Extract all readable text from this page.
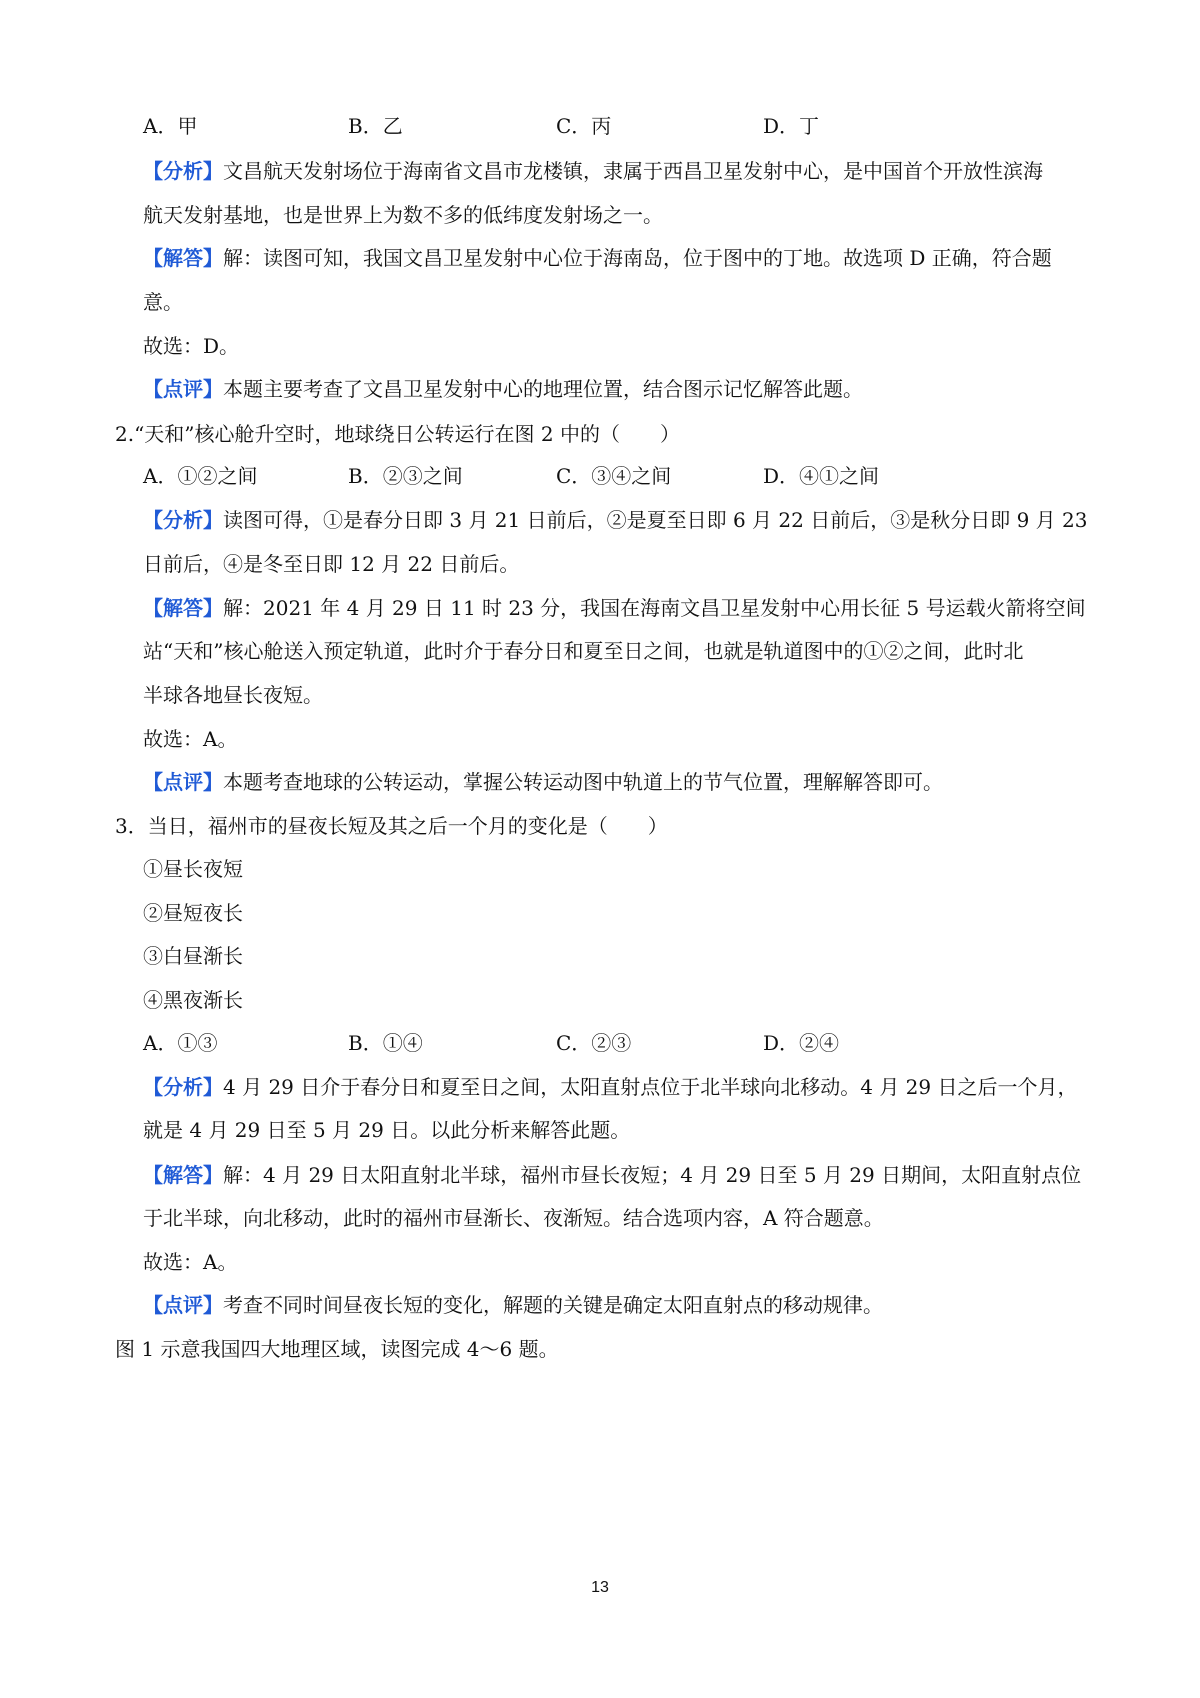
A．甲	B．乙	C．丙	D．丁
【分析】文昌航天发射场位于海南省文昌市龙楼镇，隶属于西昌卫星发射中心，是中国首个开放性滨海
航天发射基地，也是世界上为数不多的低纬度发射场之一。
【解答】解：读图可知，我国文昌卫星发射中心位于海南岛，位于图中的丁地。故选项 D 正确，符合题
意。
故选：D。
【点评】本题主要考查了文昌卫星发射中心的地理位置，结合图示记忆解答此题。
2.“天和”核心舱升空时，地球绕日公转运行在图 2 中的（　　）
A．①②之间	B．②③之间	C．③④之间	D．④①之间
【分析】读图可得，①是春分日即 3 月 21 日前后，②是夏至日即 6 月 22 日前后，③是秋分日即 9 月 23
日前后，④是冬至日即 12 月 22 日前后。
【解答】解：2021 年 4 月 29 日 11 时 23 分，我国在海南文昌卫星发射中心用长征 5 号运载火箭将空间
站“天和”核心舱送入预定轨道，此时介于春分日和夏至日之间，也就是轨道图中的①②之间，此时北
半球各地昼长夜短。
故选：A。
【点评】本题考查地球的公转运动，掌握公转运动图中轨道上的节气位置，理解解答即可。
3．当日，福州市的昼夜长短及其之后一个月的变化是（　　）
①昼长夜短
②昼短夜长
③白昼渐长
④黑夜渐长
A．①③	B．①④	C．②③	D．②④
【分析】4 月 29 日介于春分日和夏至日之间，太阳直射点位于北半球向北移动。4 月 29 日之后一个月，
就是 4 月 29 日至 5 月 29 日。以此分析来解答此题。
【解答】解：4 月 29 日太阳直射北半球，福州市昼长夜短；4 月 29 日至 5 月 29 日期间，太阳直射点位
于北半球，向北移动，此时的福州市昼渐长、夜渐短。结合选项内容，A 符合题意。
故选：A。
【点评】考查不同时间昼夜长短的变化，解题的关键是确定太阳直射点的移动规律。
图 1 示意我国四大地理区域，读图完成 4～6 题。
13
